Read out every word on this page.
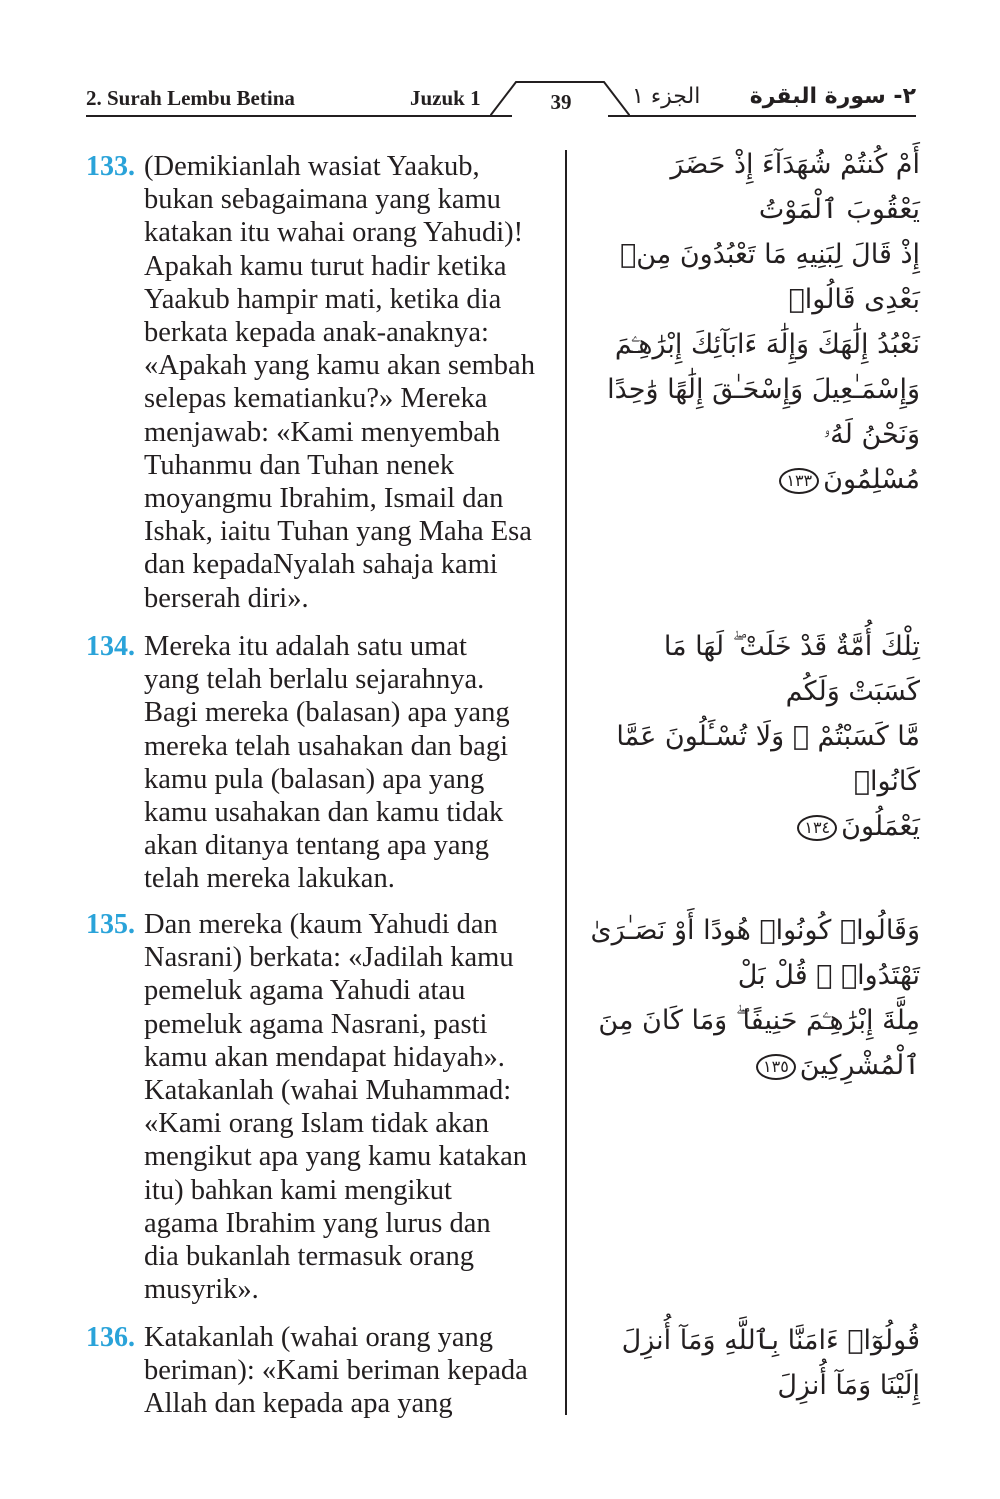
2. Surah Lembu Betina	Juzuk 1	39	الجزء ١ ٢- سورة البقرة
133. (Demikianlah wasiat Yaakub,
bukan sebagaimana yang kamu
katakan itu wahai orang Yahudi)!
Apakah kamu turut hadir ketika
Yaakub hampir mati, ketika dia
berkata kepada anak-anaknya:
«Apakah yang kamu akan sembah
selepas kematianku?» Mereka
menjawab: «Kami menyembah
Tuhanmu dan Tuhan nenek
moyangmu Ibrahim, Ismail dan
Ishak, iaitu Tuhan yang Maha Esa
dan kepadaNyalah sahaja kami
berserah diri».
أَمْ كُنتُمْ شُهَدَآءَ إِذْ حَضَرَ يَعْقُوبَ ٱلْمَوْتُ
إِذْ قَالَ لِبَنِيهِ مَا تَعْبُدُونَ مِنۢ بَعْدِى قَالُوا۟
نَعْبُدُ إِلَٰهَكَ وَإِلَٰهَ ءَابَآئِكَ إِبْرَٰهِـۧمَ
وَإِسْمَـٰعِيلَ وَإِسْحَـٰقَ إِلَٰهًا وَٰحِدًا وَنَحْنُ لَهُۥ
مُسْلِمُونَ١٣٣
134. Mereka itu adalah satu umat
yang telah berlalu sejarahnya.
Bagi mereka (balasan) apa yang
mereka telah usahakan dan bagi
kamu pula (balasan) apa yang
kamu usahakan dan kamu tidak
akan ditanya tentang apa yang
telah mereka lakukan.
تِلْكَ أُمَّةٌ قَدْ خَلَتْ ۖ لَهَا مَا كَسَبَتْ وَلَكُم
مَّا كَسَبْتُمْ ۖ وَلَا تُسْـَٔلُونَ عَمَّا كَانُوا۟
يَعْمَلُونَ١٣٤
135. Dan mereka (kaum Yahudi dan
Nasrani) berkata: «Jadilah kamu
pemeluk agama Yahudi atau
pemeluk agama Nasrani, pasti
kamu akan mendapat hidayah».
Katakanlah (wahai Muhammad:
«Kami orang Islam tidak akan
mengikut apa yang kamu katakan
itu) bahkan kami mengikut
agama Ibrahim yang lurus dan
dia bukanlah termasuk orang
musyrik».
وَقَالُوا۟ كُونُوا۟ هُودًا أَوْ نَصَـٰرَىٰ تَهْتَدُوا۟ ۗ قُلْ بَلْ
مِلَّةَ إِبْرَٰهِـۧمَ حَنِيفًا ۖ وَمَا كَانَ مِنَ ٱلْمُشْرِكِينَ١٣٥
136. Katakanlah (wahai orang yang
beriman): «Kami beriman kepada
Allah dan kepada apa yang
قُولُوٓا۟ ءَامَنَّا بِٱللَّهِ وَمَآ أُنزِلَ إِلَيْنَا وَمَآ أُنزِلَ
